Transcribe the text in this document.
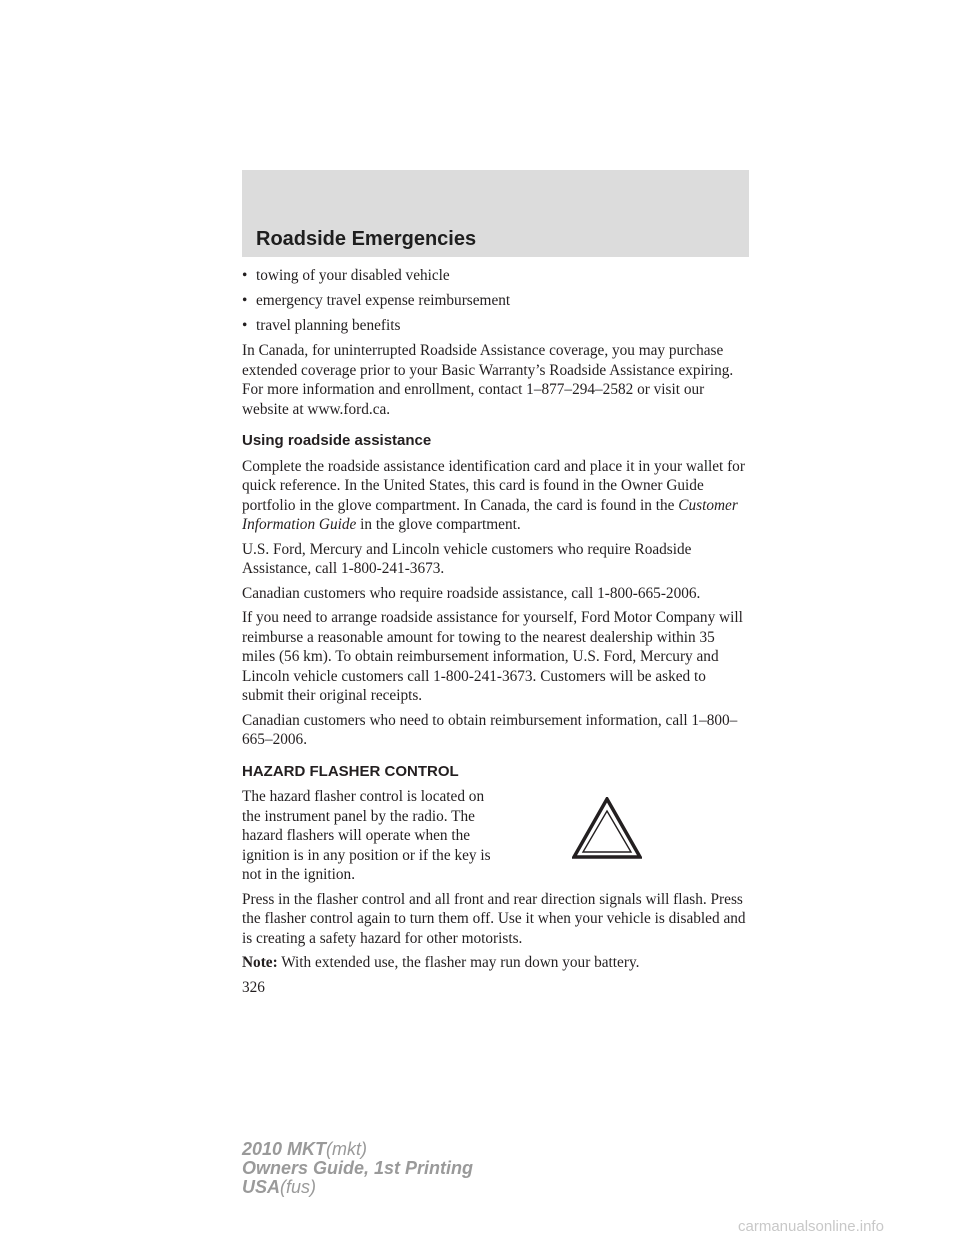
Roadside Emergencies
• towing of your disabled vehicle
• emergency travel expense reimbursement
• travel planning benefits

In Canada, for uninterrupted Roadside Assistance coverage, you may purchase extended coverage prior to your Basic Warranty’s Roadside Assistance expiring. For more information and enrollment, contact 1–877–294–2582 or visit our website at www.ford.ca.

Using roadside assistance

Complete the roadside assistance identification card and place it in your wallet for quick reference. In the United States, this card is found in the Owner Guide portfolio in the glove compartment. In Canada, the card is found in the Customer Information Guide in the glove compartment.

U.S. Ford, Mercury and Lincoln vehicle customers who require Roadside Assistance, call 1-800-241-3673.

Canadian customers who require roadside assistance, call 1-800-665-2006.

If you need to arrange roadside assistance for yourself, Ford Motor Company will reimburse a reasonable amount for towing to the nearest dealership within 35 miles (56 km). To obtain reimbursement information, U.S. Ford, Mercury and Lincoln vehicle customers call 1-800-241-3673. Customers will be asked to submit their original receipts.

Canadian customers who need to obtain reimbursement information, call 1–800–665–2006.

HAZARD FLASHER CONTROL
The hazard flasher control is located on the instrument panel by the radio. The hazard flashers will operate when the ignition is in any position or if the key is not in the ignition.

Press in the flasher control and all front and rear direction signals will flash. Press the flasher control again to turn them off. Use it when your vehicle is disabled and is creating a safety hazard for other motorists.

Note: With extended use, the flasher may run down your battery.

326
2010 MKT(mkt)
Owners Guide, 1st Printing
USA(fus)
carmanualsonline.info
